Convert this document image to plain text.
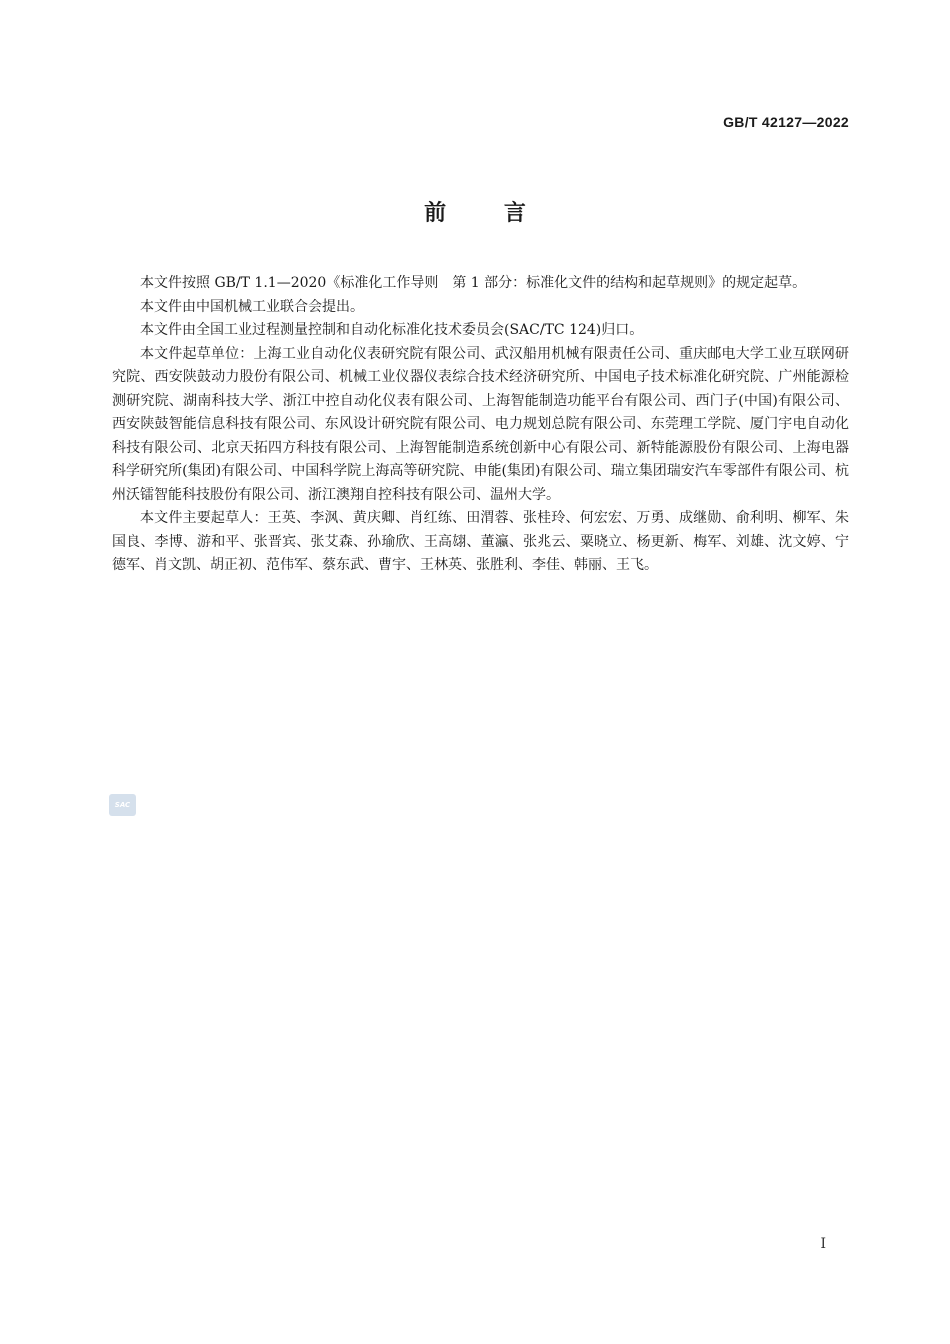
GB/T 42127—2022
前 言

本文件按照 GB/T 1.1—2020《标准化工作导则　第 1 部分：标准化文件的结构和起草规则》的规定起草。

本文件由中国机械工业联合会提出。

本文件由全国工业过程测量控制和自动化标准化技术委员会(SAC/TC 124)归口。

本文件起草单位：上海工业自动化仪表研究院有限公司、武汉船用机械有限责任公司、重庆邮电大学工业互联网研究院、西安陕鼓动力股份有限公司、机械工业仪器仪表综合技术经济研究所、中国电子技术标准化研究院、广州能源检测研究院、湖南科技大学、浙江中控自动化仪表有限公司、上海智能制造功能平台有限公司、西门子(中国)有限公司、西安陕鼓智能信息科技有限公司、东风设计研究院有限公司、电力规划总院有限公司、东莞理工学院、厦门宇电自动化科技有限公司、北京天拓四方科技有限公司、上海智能制造系统创新中心有限公司、新特能源股份有限公司、上海电器科学研究所(集团)有限公司、中国科学院上海高等研究院、申能(集团)有限公司、瑞立集团瑞安汽车零部件有限公司、杭州沃镭智能科技股份有限公司、浙江澳翔自控科技有限公司、温州大学。

本文件主要起草人：王英、李沨、黄庆卿、肖红练、田渭蓉、张桂玲、何宏宏、万勇、成继勋、俞利明、柳军、朱国良、李博、游和平、张晋宾、张艾森、孙瑜欣、王高翃、董瀛、张兆云、粟晓立、杨更新、梅军、刘雄、沈文婷、宁德军、肖文凯、胡正初、范伟军、蔡东武、曹宇、王林英、张胜利、李佳、韩丽、王飞。

SAC
I
